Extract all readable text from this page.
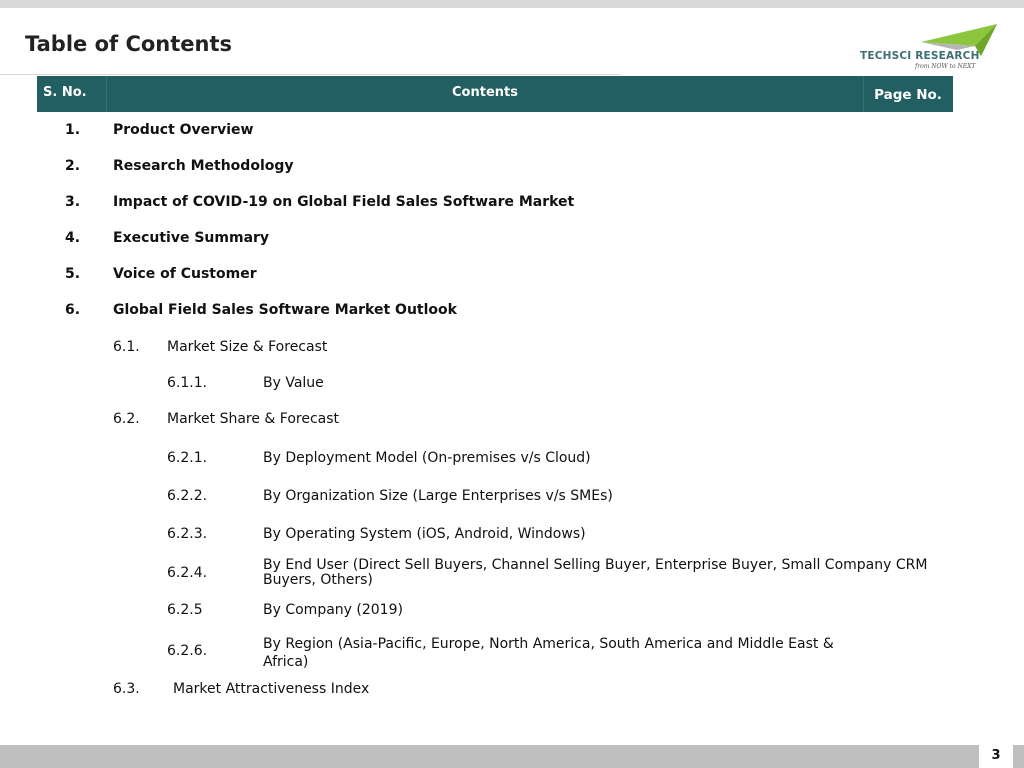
Table of Contents	TECHSCI RESEARCH
from NOW to NEXT
S. No.	Contents	Page No.
1. Product Overview
2. Research Methodology
3. Impact of COVID-19 on Global Field Sales Software Market
4. Executive Summary
5. Voice of Customer
6. Global Field Sales Software Market Outlook
6.1. Market Size & Forecast
6.1.1.	By Value
6.2. Market Share & Forecast
6.2.1.	By Deployment Model (On-premises v/s Cloud)
6.2.2.	By Organization Size (Large Enterprises v/s SMEs)
6.2.3.	By Operating System (iOS, Android, Windows)
6.2.4.	By End User (Direct Sell Buyers, Channel Selling Buyer, Enterprise Buyer, Small Company CRM Buyers, Others)
6.2.5	By Company (2019)
6.2.6.	By Region (Asia-Pacific, Europe, North America, South America and Middle East & Africa)
6.3. Market Attractiveness Index
3
